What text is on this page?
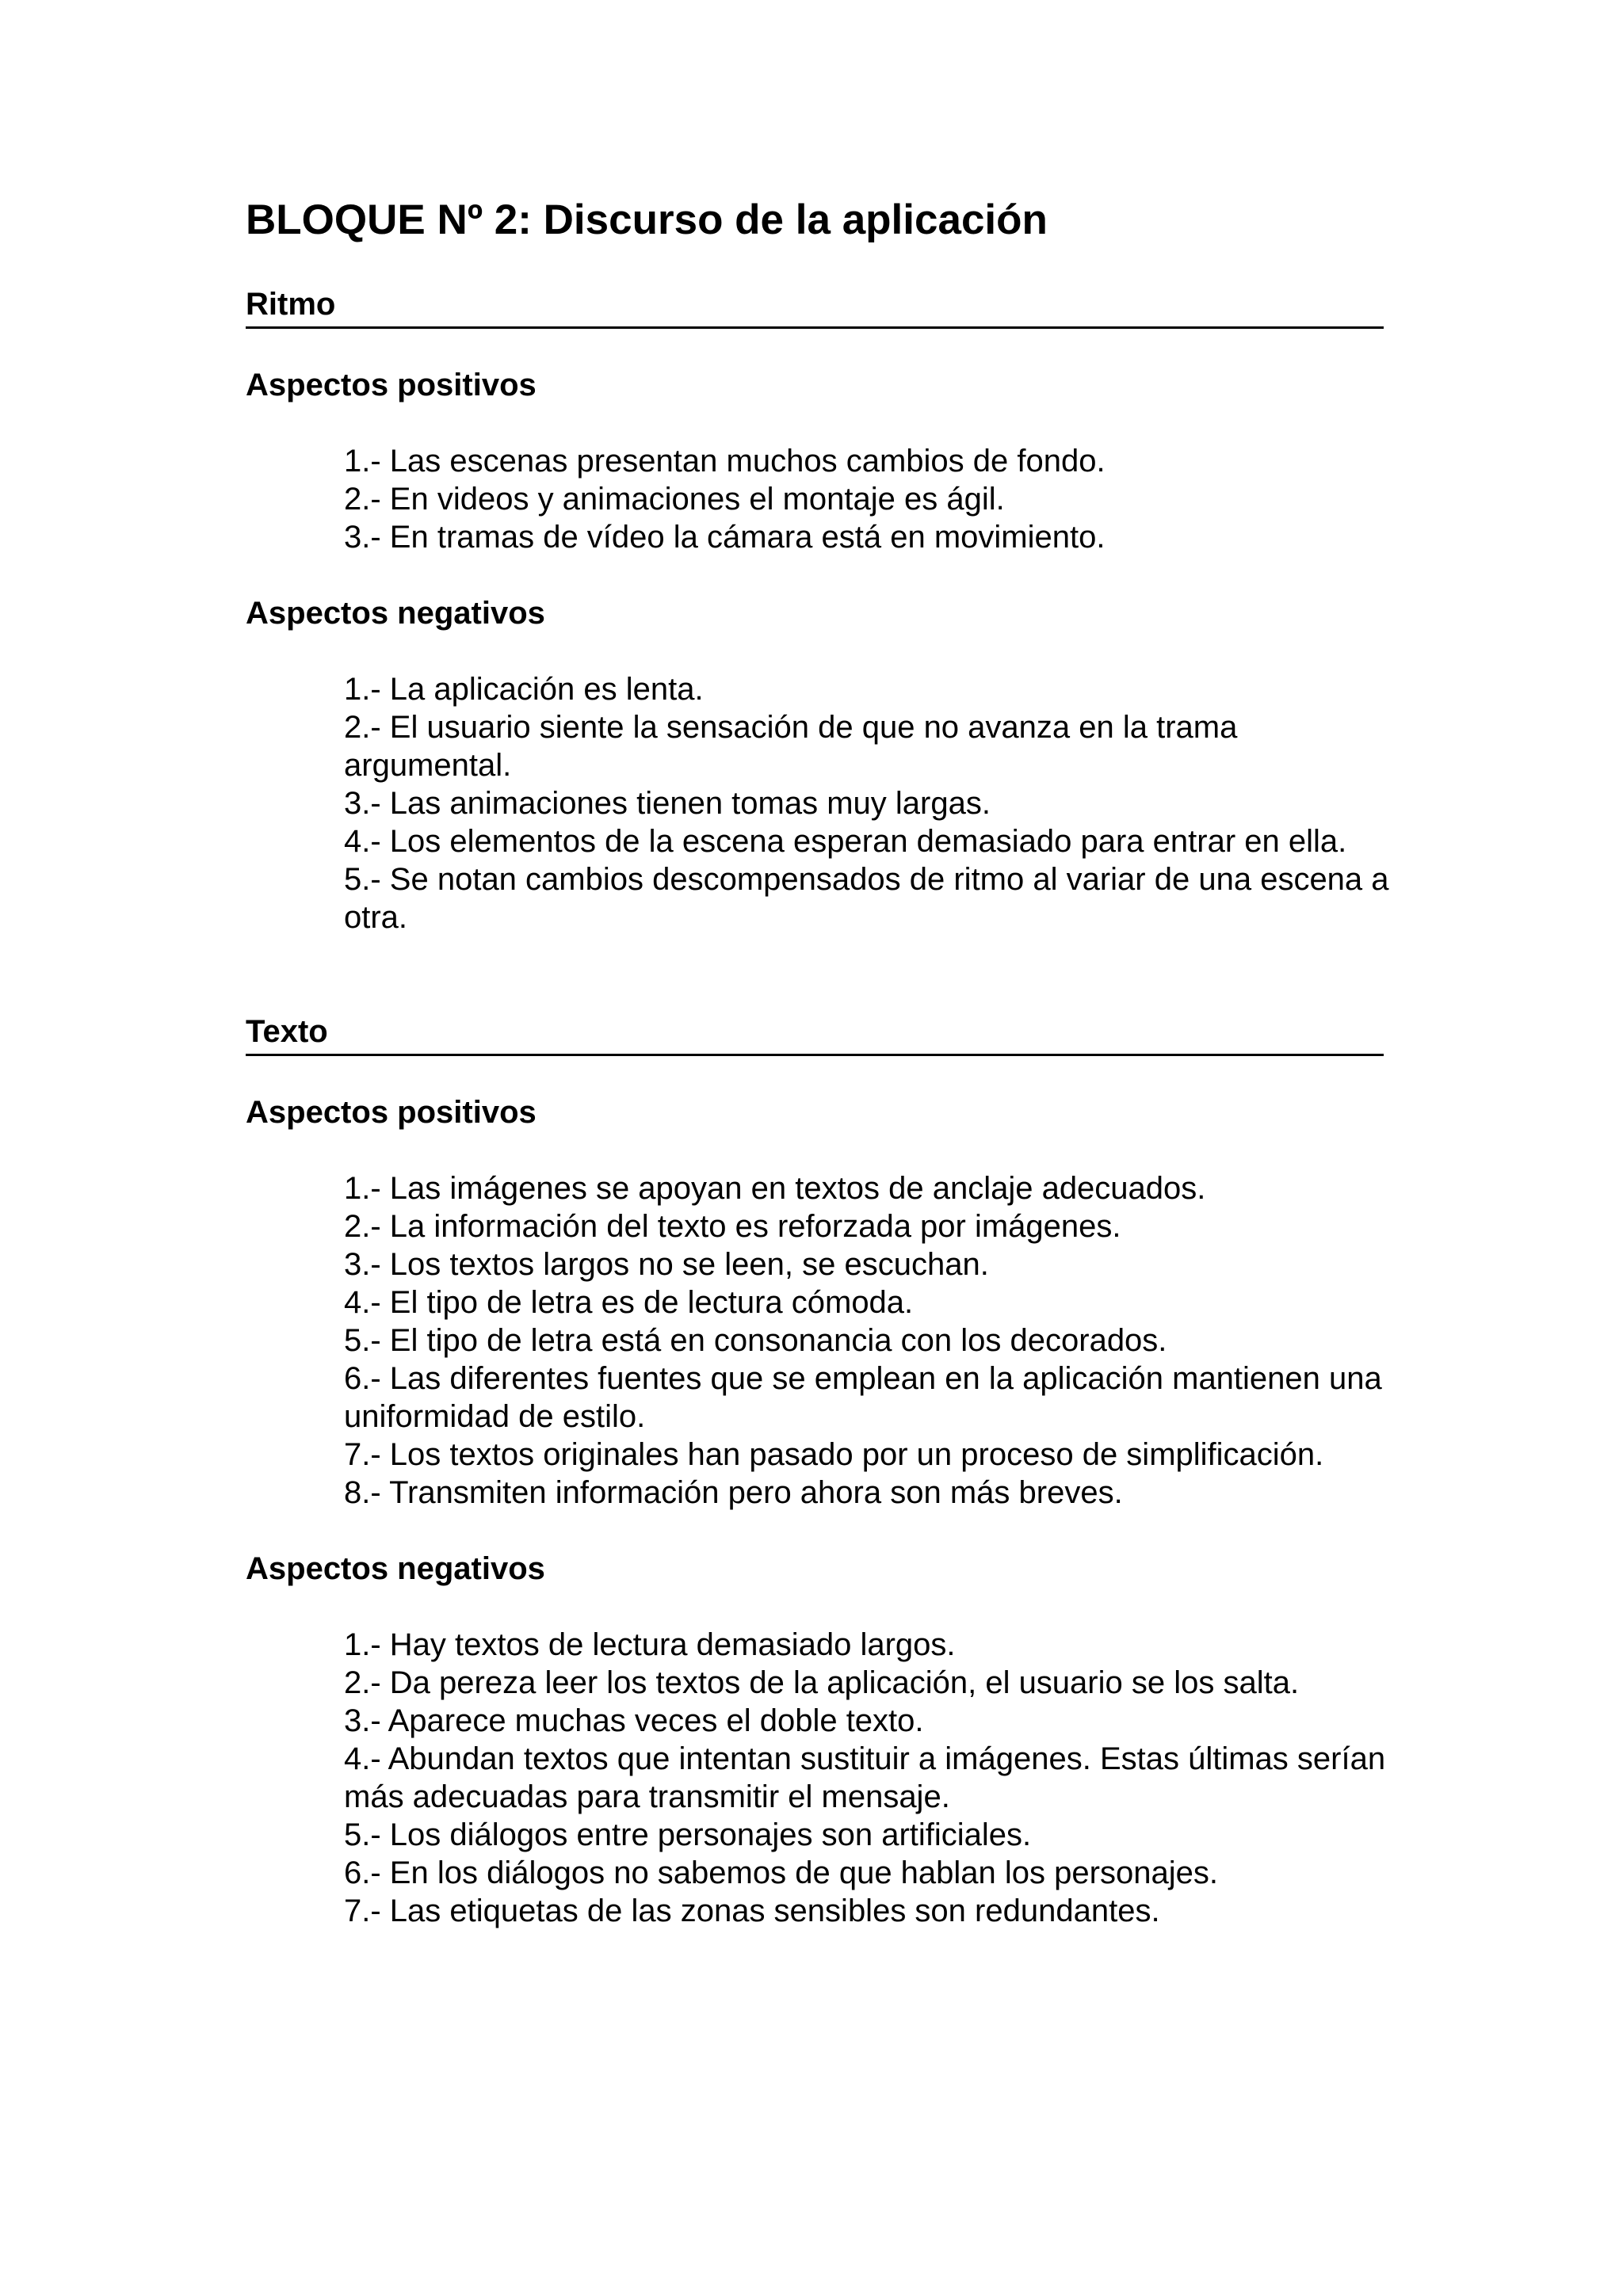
BLOQUE Nº 2: Discurso de la aplicación
Ritmo
Aspectos positivos
1.- Las escenas presentan muchos cambios de fondo.
2.- En videos y animaciones el montaje es ágil.
3.- En tramas de vídeo la cámara está en movimiento.
Aspectos negativos
1.- La aplicación es lenta.
2.- El usuario siente la sensación de que no avanza en la trama argumental.
3.- Las animaciones tienen tomas muy largas.
4.- Los elementos de la escena esperan demasiado para entrar en ella.
5.- Se notan cambios descompensados de ritmo al variar de una escena a otra.
Texto
Aspectos positivos
1.- Las imágenes se apoyan en textos de anclaje adecuados.
2.- La información del texto es reforzada por imágenes.
3.- Los textos largos no se leen, se escuchan.
4.- El tipo de letra es de lectura cómoda.
5.- El tipo de letra está en consonancia con los decorados.
6.- Las diferentes fuentes que se emplean en la aplicación mantienen una uniformidad de estilo.
7.- Los textos originales han pasado por un proceso de simplificación.
8.- Transmiten información pero ahora son más breves.
Aspectos negativos
1.- Hay textos de lectura demasiado largos.
2.- Da pereza leer los textos de la aplicación, el usuario se los salta.
3.- Aparece muchas veces el doble texto.
4.- Abundan textos que intentan sustituir a imágenes. Estas últimas serían más adecuadas para transmitir el mensaje.
5.- Los diálogos entre personajes son artificiales.
6.- En los diálogos no sabemos de que hablan los personajes.
7.- Las etiquetas de las zonas sensibles son redundantes.
